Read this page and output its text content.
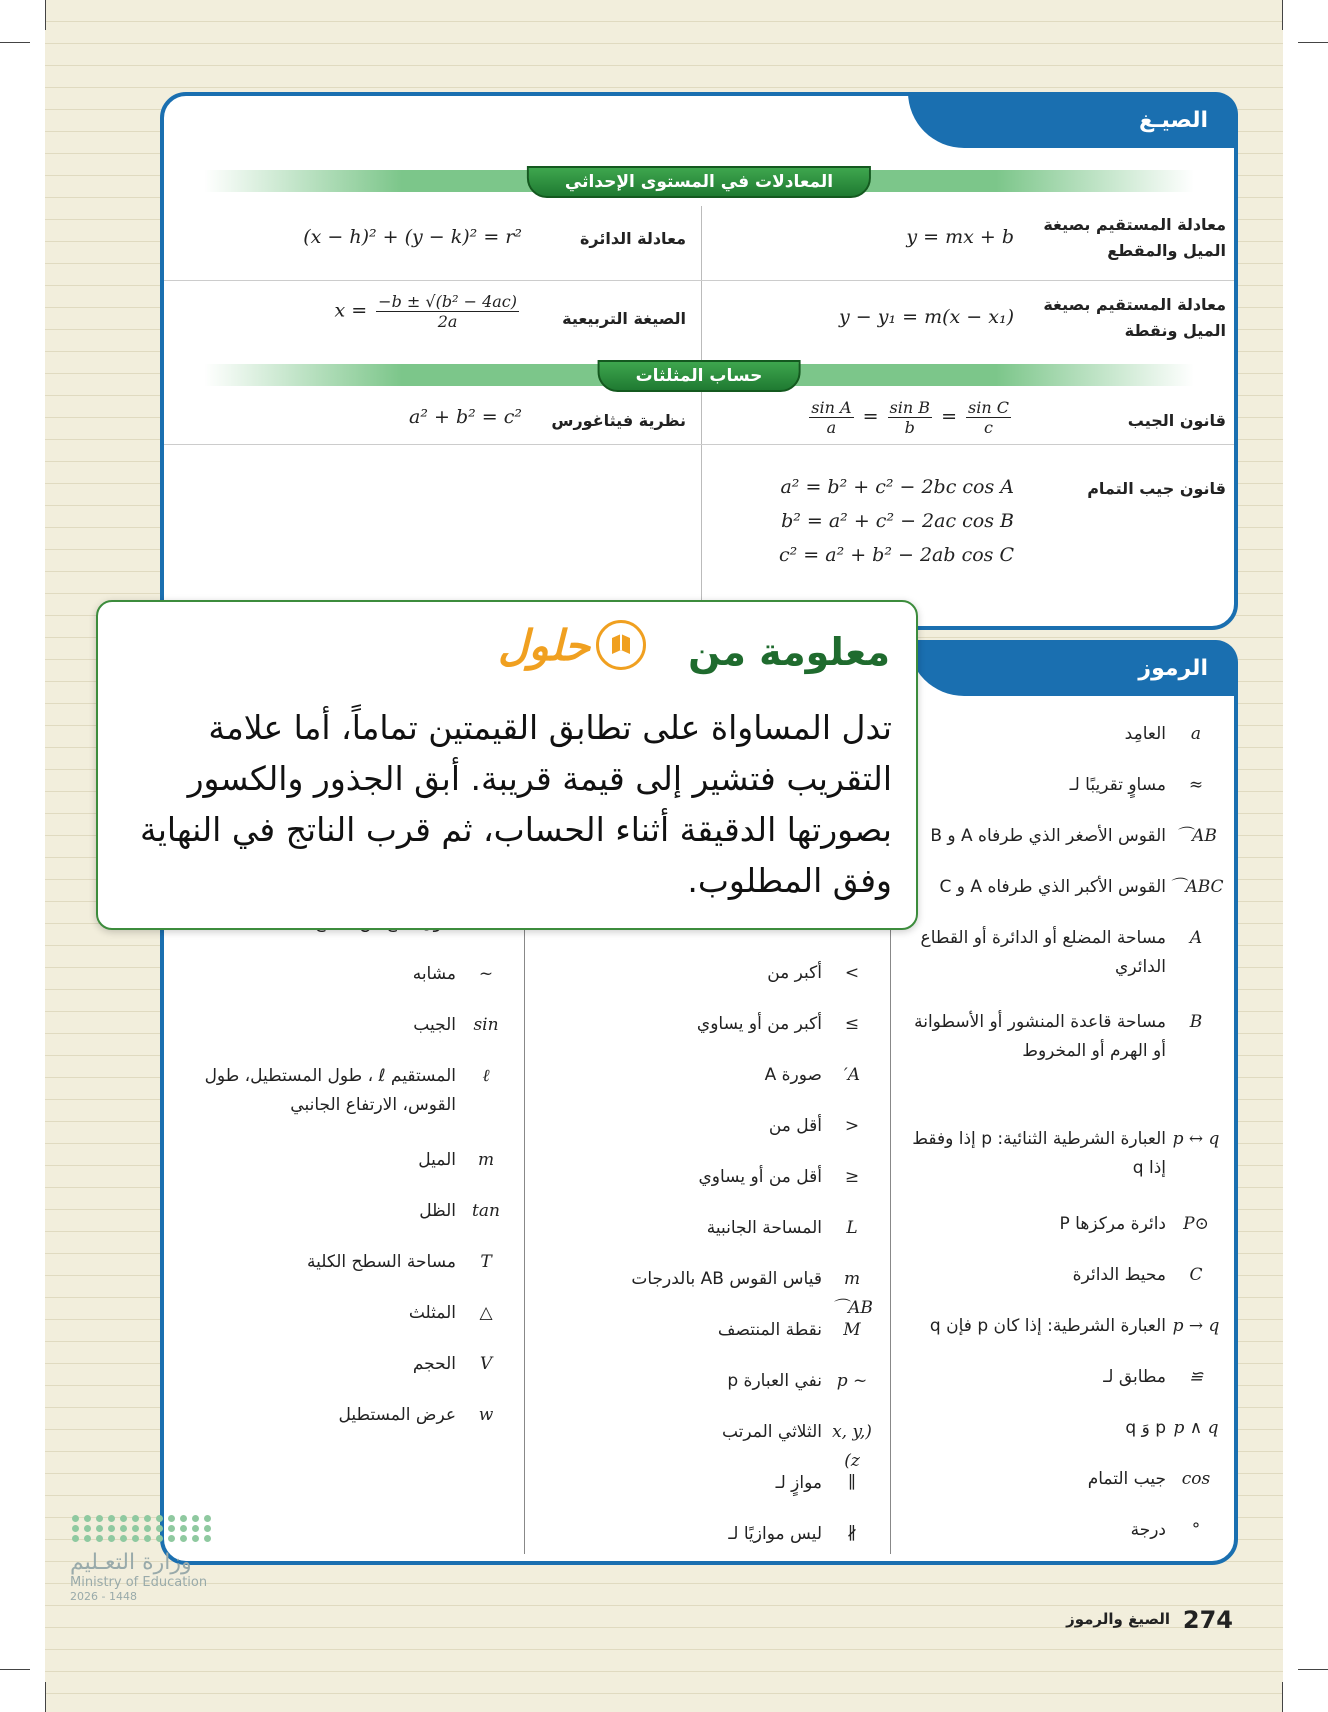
الصيـغ
المعادلات في المستوى الإحداثي
معادلة المستقيم بصيغة الميل والمقطع
y = mx + b
معادلة الدائرة
(x − h)² + (y − k)² = r²
معادلة المستقيم بصيغة الميل ونقطة
y − y₁ = m(x − x₁)
الصيغة التربيعية
$x = \frac{\text{−b ± √(b² − 4ac)}}{2a}$
حساب المثلثات
قانون الجيب
$\frac{\text{sin A}}{a} = \frac{\text{sin B}}{b} = \frac{\text{sin C}}{c}$
نظرية فيثاغورس
a² + b² = c²
قانون جيب التمام
a² = b² + c² − 2bc cos A
b² = a² + c² − 2ac cos B
c² = a² + b² − 2ab cos C
الرموز
a
العامِد
≈
مساوٍ تقريبًا لـ
AB⌒
القوس الأصغر الذي طرفاه A و B
ABC⌒
القوس الأكبر الذي طرفاه A و C
A
مساحة المضلع أو الدائرة أو القطاع الدائري
B
مساحة قاعدة المنشور أو الأسطوانة أو الهرم أو المخروط
p ↔ q
العبارة الشرطية الثنائية: p إذا وفقط إذا q
⊙P
دائرة مركزها P
C
محيط الدائرة
p → q
العبارة الشرطية: إذا كان p فإن q
≅
مطابق لـ
p ∧ q
p وَ q
cos
جيب التمام
°
درجة
>
أكبر من
≥
أكبر من أو يساوي
A′
صورة A
<
أقل من
≤
أقل من أو يساوي
L
المساحة الجانبية
m AB⌒
قياس القوس AB بالدرجات
M
نقطة المنتصف
~ p
نفي العبارة p
(x, y, z)
الثلاثي المرتب
∥
موازٍ لـ
∦
ليس موازيًا لـ
~
مشابه
sin
الجيب
ℓ
المستقيم ℓ ، طول المستطيل، طول القوس، الارتفاع الجانبي
m
الميل
tan
الظل
T
مساحة السطح الكلية
△
المثلث
V
الحجم
w
عرض المستطيل
معلومة من
حلول
تدل المساواة على تطابق القيمتين تماماً، أما علامة التقريب فتشير إلى قيمة قريبة. أبق الجذور والكسور بصورتها الدقيقة أثناء الحساب، ثم قرب الناتج في النهاية وفق المطلوب.
وزارة التعـليم
Ministry of Education
2026 - 1448
الصيغ والرموز 274
